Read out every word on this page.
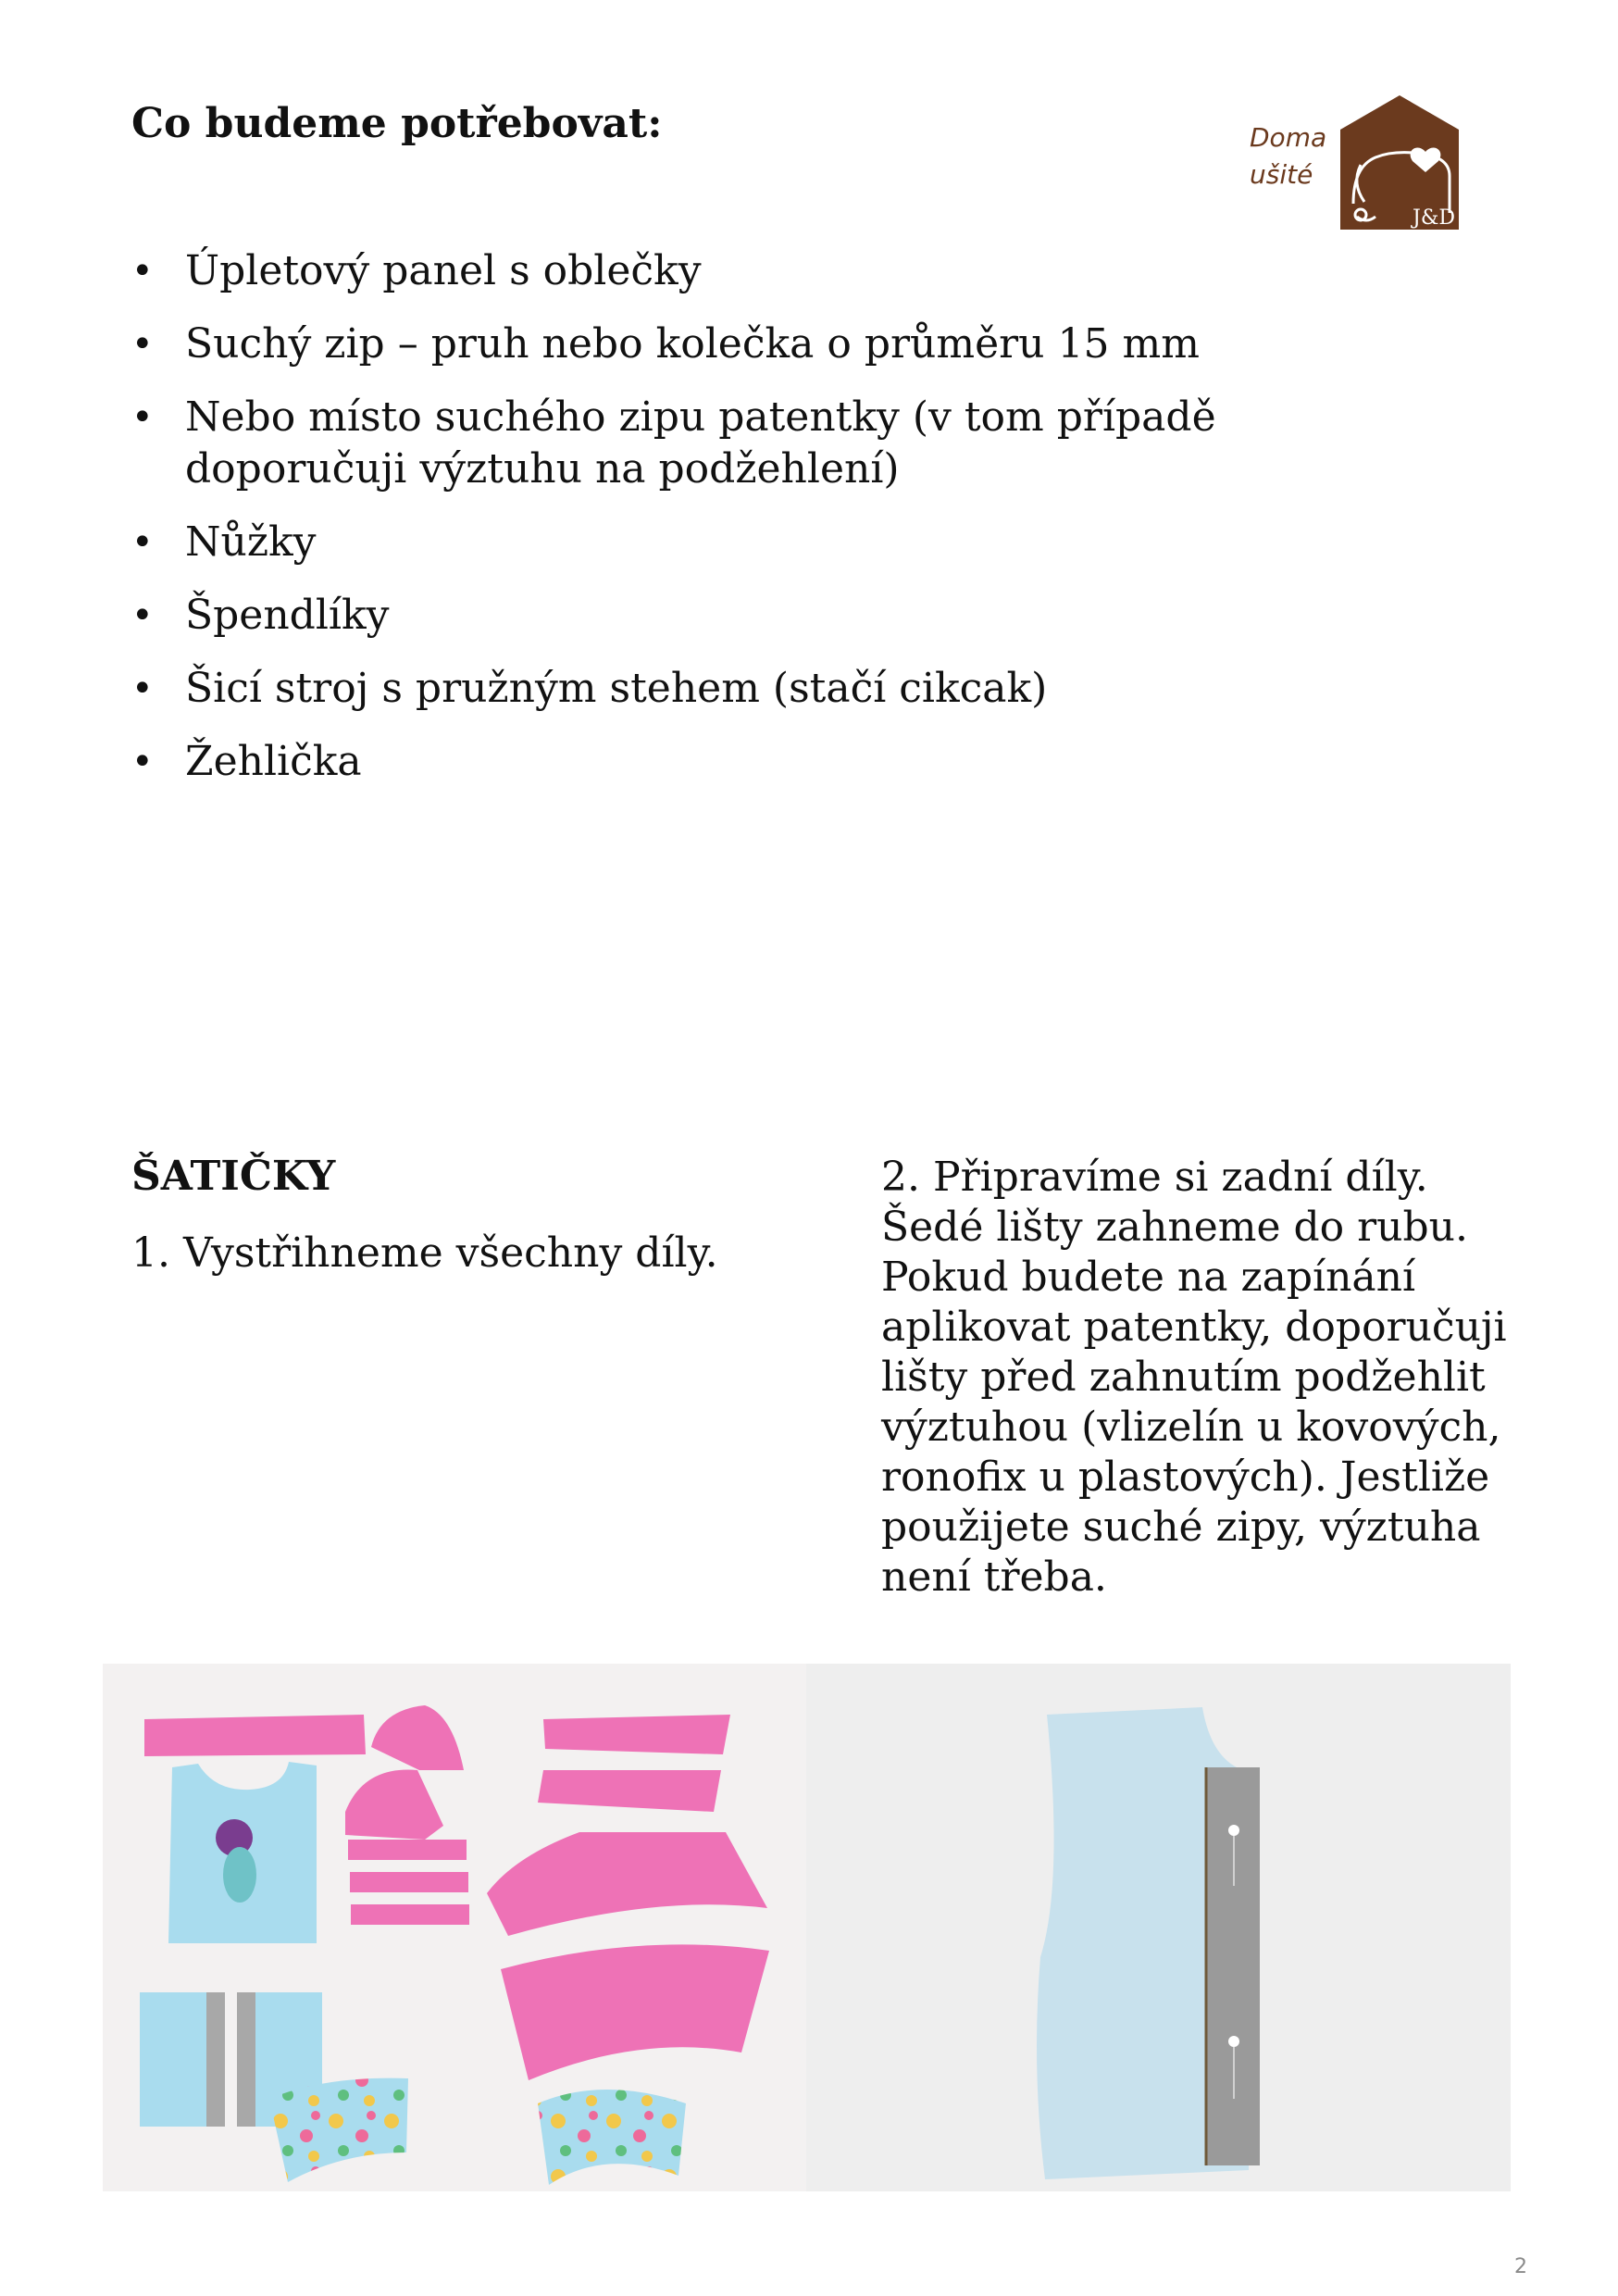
Co budeme potřebovat:	Doma
ušité
J&D
• Úpletový panel s oblečky
• Suchý zip – pruh nebo kolečka o průměru 15 mm
• Nebo místo suchého zipu patentky (v tom případě doporučuji výztuhu na podžehlení)
• Nůžky
• Špendlíky
• Šicí stroj s pružným stehem (stačí cikcak)
• Žehlička
ŠATIČKY

1. Vystřihneme všechny díly.

2. Připravíme si zadní díly. Šedé lišty zahneme do rubu. Pokud budete na zapínání aplikovat patentky, doporučuji lišty před zahnutím podžehlit výztuhou (vlizelín u kovových, ronofix u plastových). Jestliže použijete suché zipy, výztuha není třeba.

2
